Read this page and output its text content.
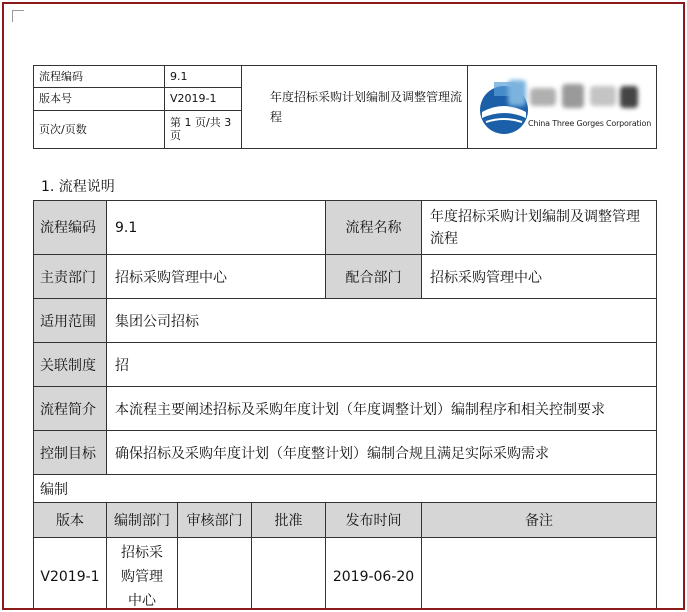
流程编码	9.1	年度招标采购计划编制及调整管理流程	China Three Gorges Corporation

版本号	V2019-1		
页次/页数	第 1 页/共 3 页		
1. 流程说明
流程编码	9.1			流程名称	年度招标采购计划编制及调整管理流程
主责部门	招标采购管理中心			配合部门	招标采购管理中心
适用范围	集团公司招标				
关联制度	招				
流程简介	本流程主要阐述招标及采购年度计划（年度调整计划）编制程序和相关控制要求				
控制目标	确保招标及采购年度计划（年度整计划）编制合规且满足实际采购需求				
编制					
版本	编制部门	审核部门	批准	发布时间	备注
V2019-1	招标采购管理中心			2019-06-20	
